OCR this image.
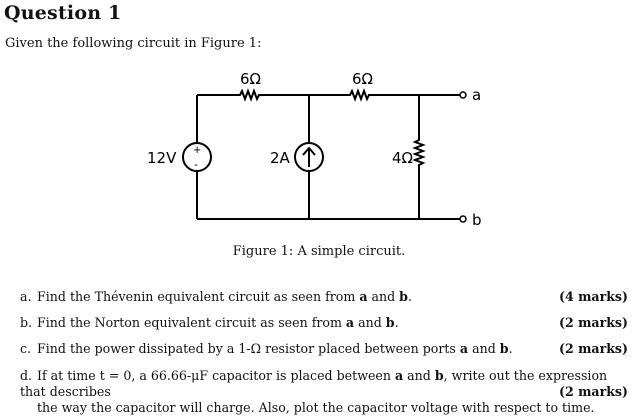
Question 1
Given the following circuit in Figure 1:
+
-
6Ω	6Ω
4Ω
12V	2A
a
b
Figure 1: A simple circuit.
a. Find the Thévenin equivalent circuit as seen from a and b.	(4 marks)
b. Find the Norton equivalent circuit as seen from a and b.	(2 marks)
c. Find the power dissipated by a 1-Ω resistor placed between ports a and b.	(2 marks)
d. If at time t = 0, a 66.66-μF capacitor is placed between a and b, write out the expression that describes
the way the capacitor will charge. Also, plot the capacitor voltage with respect to time.
(2 marks)
